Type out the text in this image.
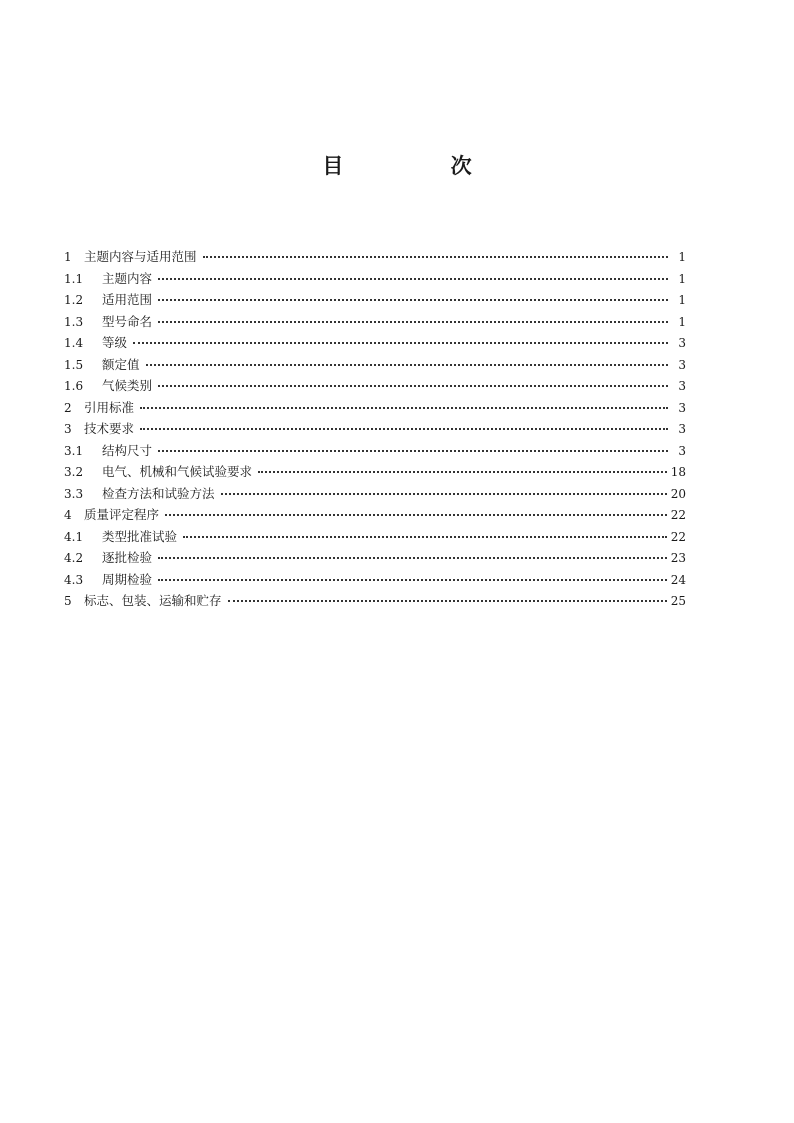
目 次
1 主题内容与适用范围	1
1.1	主题内容	1
1.2	适用范围	1
1.3	型号命名	1
1.4	等级	3
1.5	额定值	3
1.6	气候类别	3
2 引用标准	3
3 技术要求	3
3.1	结构尺寸	3
3.2	电气、机械和气候试验要求	18
3.3	检查方法和试验方法	20
4 质量评定程序	22
4.1	类型批准试验	22
4.2	逐批检验	23
4.3	周期检验	24
5 标志、包装、运输和贮存	25
